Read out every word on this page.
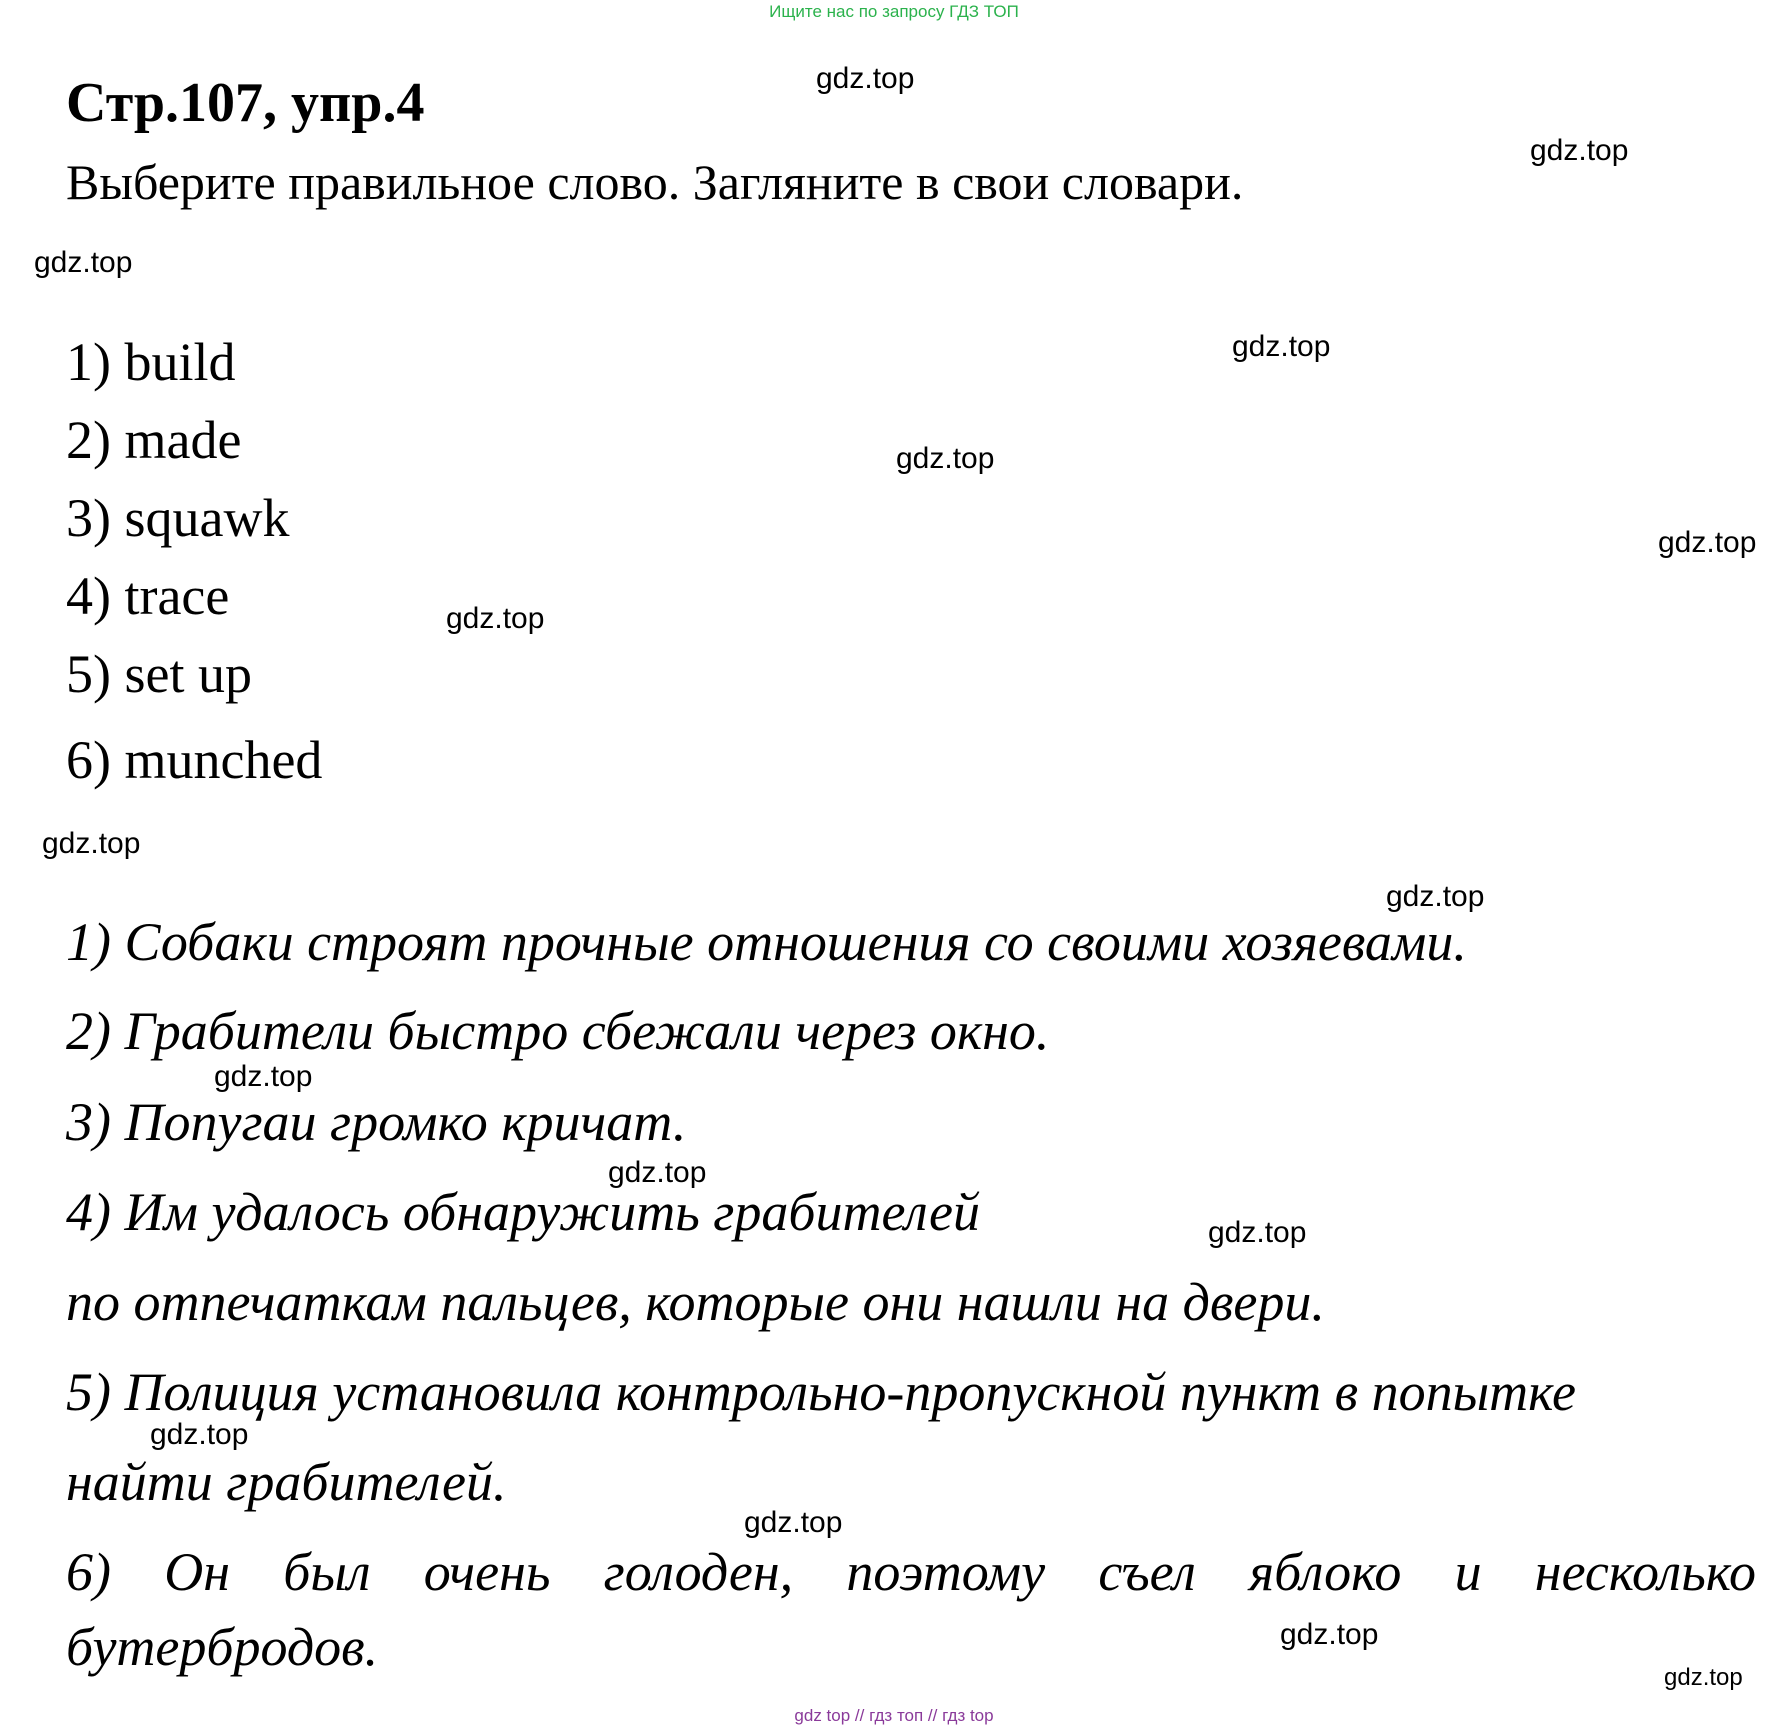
Ищите нас по запросу ГДЗ ТОП
Стр.107, упр.4
Выберите правильное слово. Загляните в свои словари.
1) build
2) made
3) squawk
4) trace
5) set up
6) munched
1) Собаки строят прочные отношения со своими хозяевами.
2) Грабители быстро сбежали через окно.
3) Попугаи громко кричат.
4) Им удалось обнаружить грабителей
по отпечаткам пальцев, которые они нашли на двери.
5) Полиция установила контрольно-пропускной пункт в попытке
найти грабителей.
6) Он был очень голоден, поэтому съел яблоко и несколько
бутербродов.
gdz.top
gdz.top
gdz.top
gdz.top
gdz.top
gdz.top
gdz.top
gdz.top
gdz.top
gdz.top
gdz.top
gdz.top
gdz.top
gdz.top
gdz.top
gdz.top
gdz top // гдз топ // гдз top
